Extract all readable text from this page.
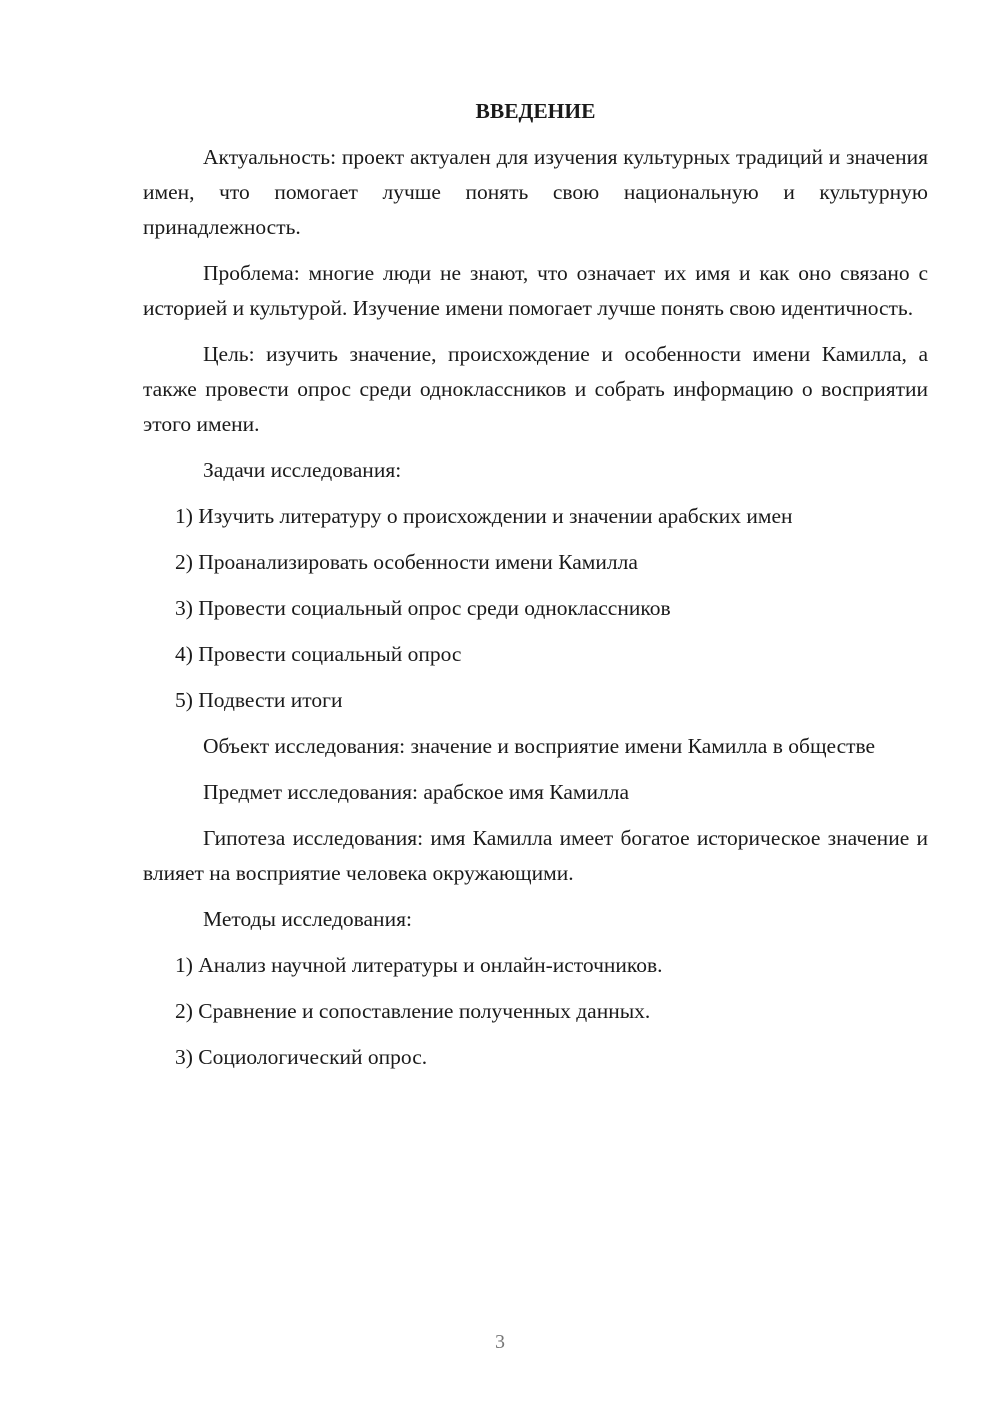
ВВЕДЕНИЕ

Актуальность: проект актуален для изучения культурных традиций и значения имен, что помогает лучше понять свою национальную и культурную принадлежность.

Проблема: многие люди не знают, что означает их имя и как оно связано с историей и культурой. Изучение имени помогает лучше понять свою идентичность.

Цель: изучить значение, происхождение и особенности имени Камилла, а также провести опрос среди одноклассников и собрать информацию о восприятии этого имени.

Задачи исследования:

1) Изучить литературу о происхождении и значении арабских имен

2) Проанализировать особенности имени Камилла

3) Провести социальный опрос среди одноклассников

4) Провести социальный опрос

5) Подвести итоги

Объект исследования: значение и восприятие имени Камилла в обществе

Предмет исследования: арабское имя Камилла

Гипотеза исследования: имя Камилла имеет богатое историческое значение и влияет на восприятие человека окружающими.

Методы исследования:

1) Анализ научной литературы и онлайн-источников.

2) Сравнение и сопоставление полученных данных.

3) Социологический опрос.

3
